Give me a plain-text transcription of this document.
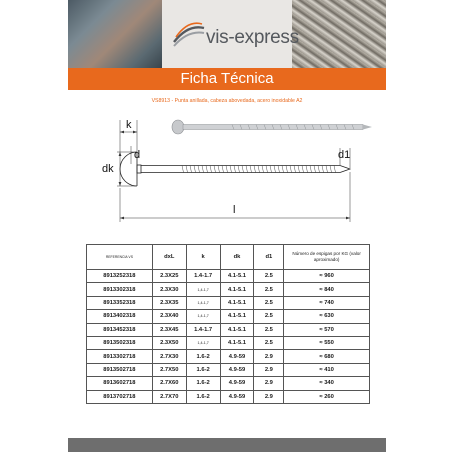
vis-express
Ficha Técnica
VS8913 - Punta anillada, cabeza abovedada, acero inoxidable A2
k
d
dk
d1
l
REFERENCIA VS	dxL	k	dk	d1	Número de espigas por KG (valor
aproximado)
8913252318	2.3X25	1.4-1.7	4.1-5.1	2.5	≈ 960
8913302318	2.3X30	1,4-1,7	4.1-5.1	2.5	≈ 840
8913352318	2.3X35	1,4-1,7	4.1-5.1	2.5	≈ 740
8913402318	2.3X40	1,4-1,7	4.1-5.1	2.5	≈ 630
8913452318	2.3X45	1.4-1.7	4.1-5.1	2.5	≈ 570
8913502318	2.3X50	1,4-1,7	4.1-5.1	2.5	≈ 550
8913302718	2.7X30	1.6-2	4.9-59	2.9	≈ 680
8913502718	2.7X50	1.6-2	4.9-59	2.9	≈ 410
8913602718	2.7X60	1.6-2	4.9-59	2.9	≈ 340
8913702718	2.7X70	1.6-2	4.9-59	2.9	≈ 260
